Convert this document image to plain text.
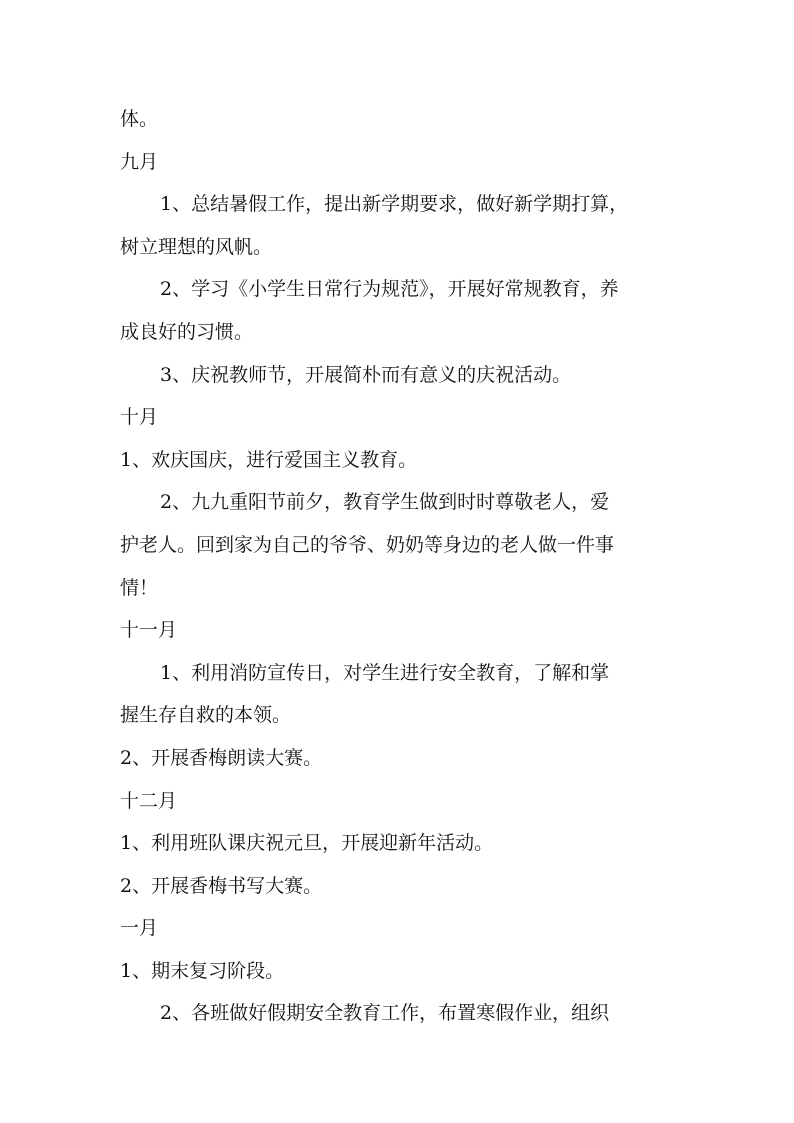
体。
九月
1、总结暑假工作，提出新学期要求，做好新学期打算，
树立理想的风帆。
2、学习《小学生日常行为规范》，开展好常规教育，养
成良好的习惯。
3、庆祝教师节，开展简朴而有意义的庆祝活动。
十月
1、欢庆国庆，进行爱国主义教育。
2、九九重阳节前夕，教育学生做到时时尊敬老人，爱
护老人。回到家为自己的爷爷、奶奶等身边的老人做一件事
情！
十一月
1、利用消防宣传日，对学生进行安全教育，了解和掌
握生存自救的本领。
2、开展香梅朗读大赛。
十二月
1、利用班队课庆祝元旦，开展迎新年活动。
2、开展香梅书写大赛。
一月
1、期末复习阶段。
2、各班做好假期安全教育工作，布置寒假作业，组织
